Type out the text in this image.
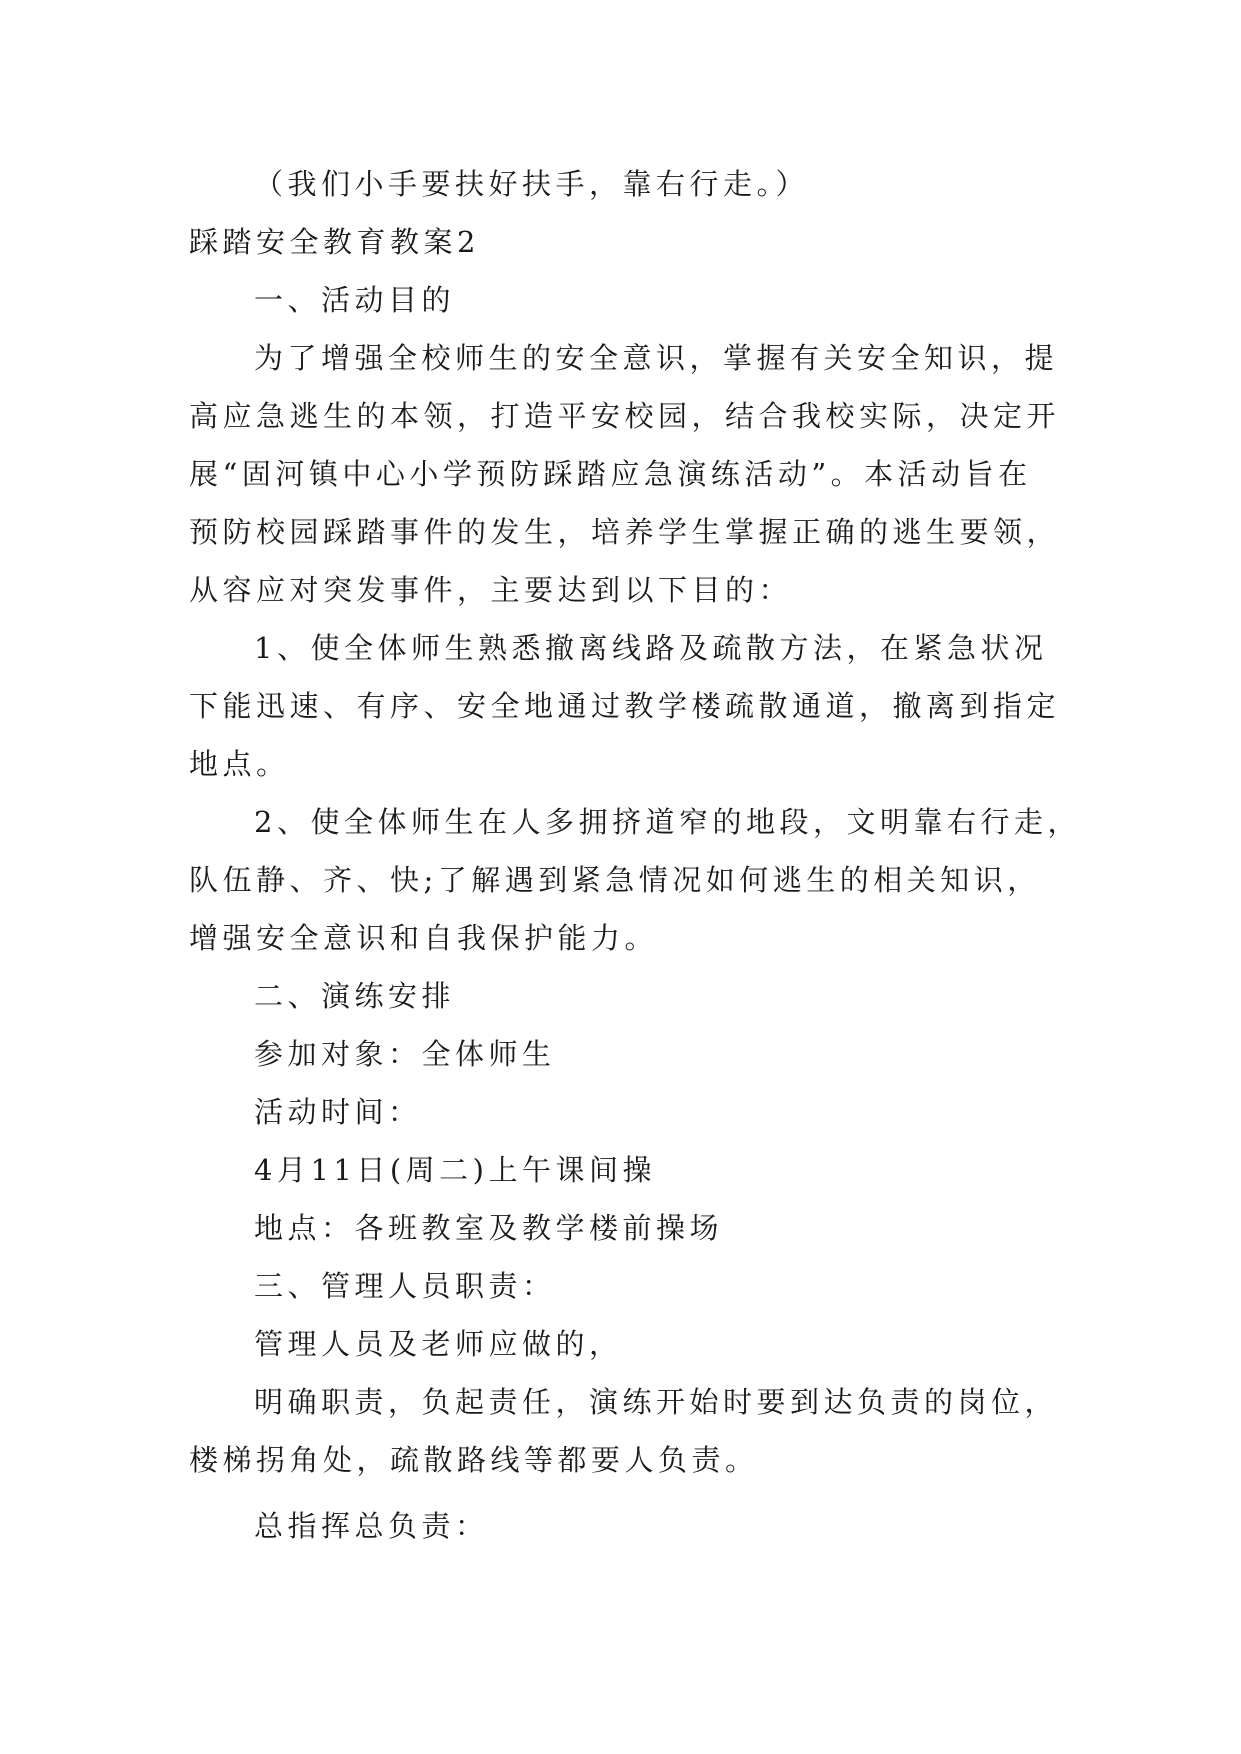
（我们小手要扶好扶手，靠右行走。）
踩踏安全教育教案2
一、活动目的
为了增强全校师生的安全意识，掌握有关安全知识，提
高应急逃生的本领，打造平安校园，结合我校实际，决定开
展“固河镇中心小学预防踩踏应急演练活动”。本活动旨在
预防校园踩踏事件的发生，培养学生掌握正确的逃生要领，
从容应对突发事件，主要达到以下目的：
1、使全体师生熟悉撤离线路及疏散方法，在紧急状况
下能迅速、有序、安全地通过教学楼疏散通道，撤离到指定
地点。
2、使全体师生在人多拥挤道窄的地段，文明靠右行走，
队伍静、齐、快;了解遇到紧急情况如何逃生的相关知识，
增强安全意识和自我保护能力。
二、演练安排
参加对象：全体师生
活动时间：
4月11日(周二)上午课间操
地点：各班教室及教学楼前操场
三、管理人员职责：
管理人员及老师应做的，
明确职责，负起责任，演练开始时要到达负责的岗位，
楼梯拐角处，疏散路线等都要人负责。
总指挥总负责：
